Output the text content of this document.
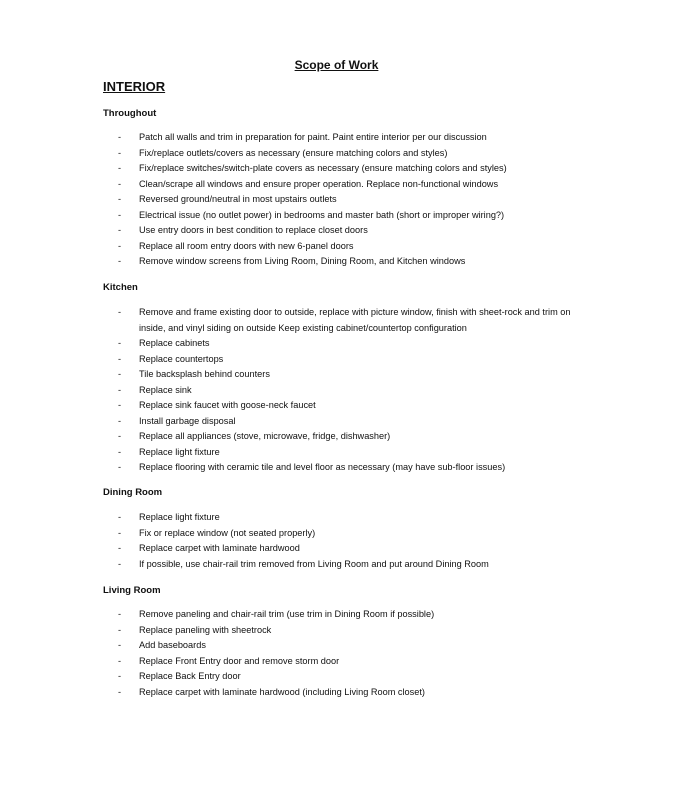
Scope of Work
INTERIOR
Throughout
- Patch all walls and trim in preparation for paint. Paint entire interior per our discussion
- Fix/replace outlets/covers as necessary (ensure matching colors and styles)
- Fix/replace switches/switch-plate covers as necessary (ensure matching colors and styles)
- Clean/scrape all windows and ensure proper operation. Replace non-functional windows
- Reversed ground/neutral in most upstairs outlets
- Electrical issue (no outlet power) in bedrooms and master bath (short or improper wiring?)
- Use entry doors in best condition to replace closet doors
- Replace all room entry doors with new 6-panel doors
- Remove window screens from Living Room, Dining Room, and Kitchen windows
Kitchen
- Remove and frame existing door to outside, replace with picture window, finish with sheet-rock and trim on inside, and vinyl siding on outside Keep existing cabinet/countertop configuration
- Replace cabinets
- Replace countertops
- Tile backsplash behind counters
- Replace sink
- Replace sink faucet with goose-neck faucet
- Install garbage disposal
- Replace all appliances (stove, microwave, fridge, dishwasher)
- Replace light fixture
- Replace flooring with ceramic tile and level floor as necessary (may have sub-floor issues)
Dining Room
- Replace light fixture
- Fix or replace window (not seated properly)
- Replace carpet with laminate hardwood
- If possible, use chair-rail trim removed from Living Room and put around Dining Room
Living Room
- Remove paneling and chair-rail trim (use trim in Dining Room if possible)
- Replace paneling with sheetrock
- Add baseboards
- Replace Front Entry door and remove storm door
- Replace Back Entry door
- Replace carpet with laminate hardwood (including Living Room closet)
